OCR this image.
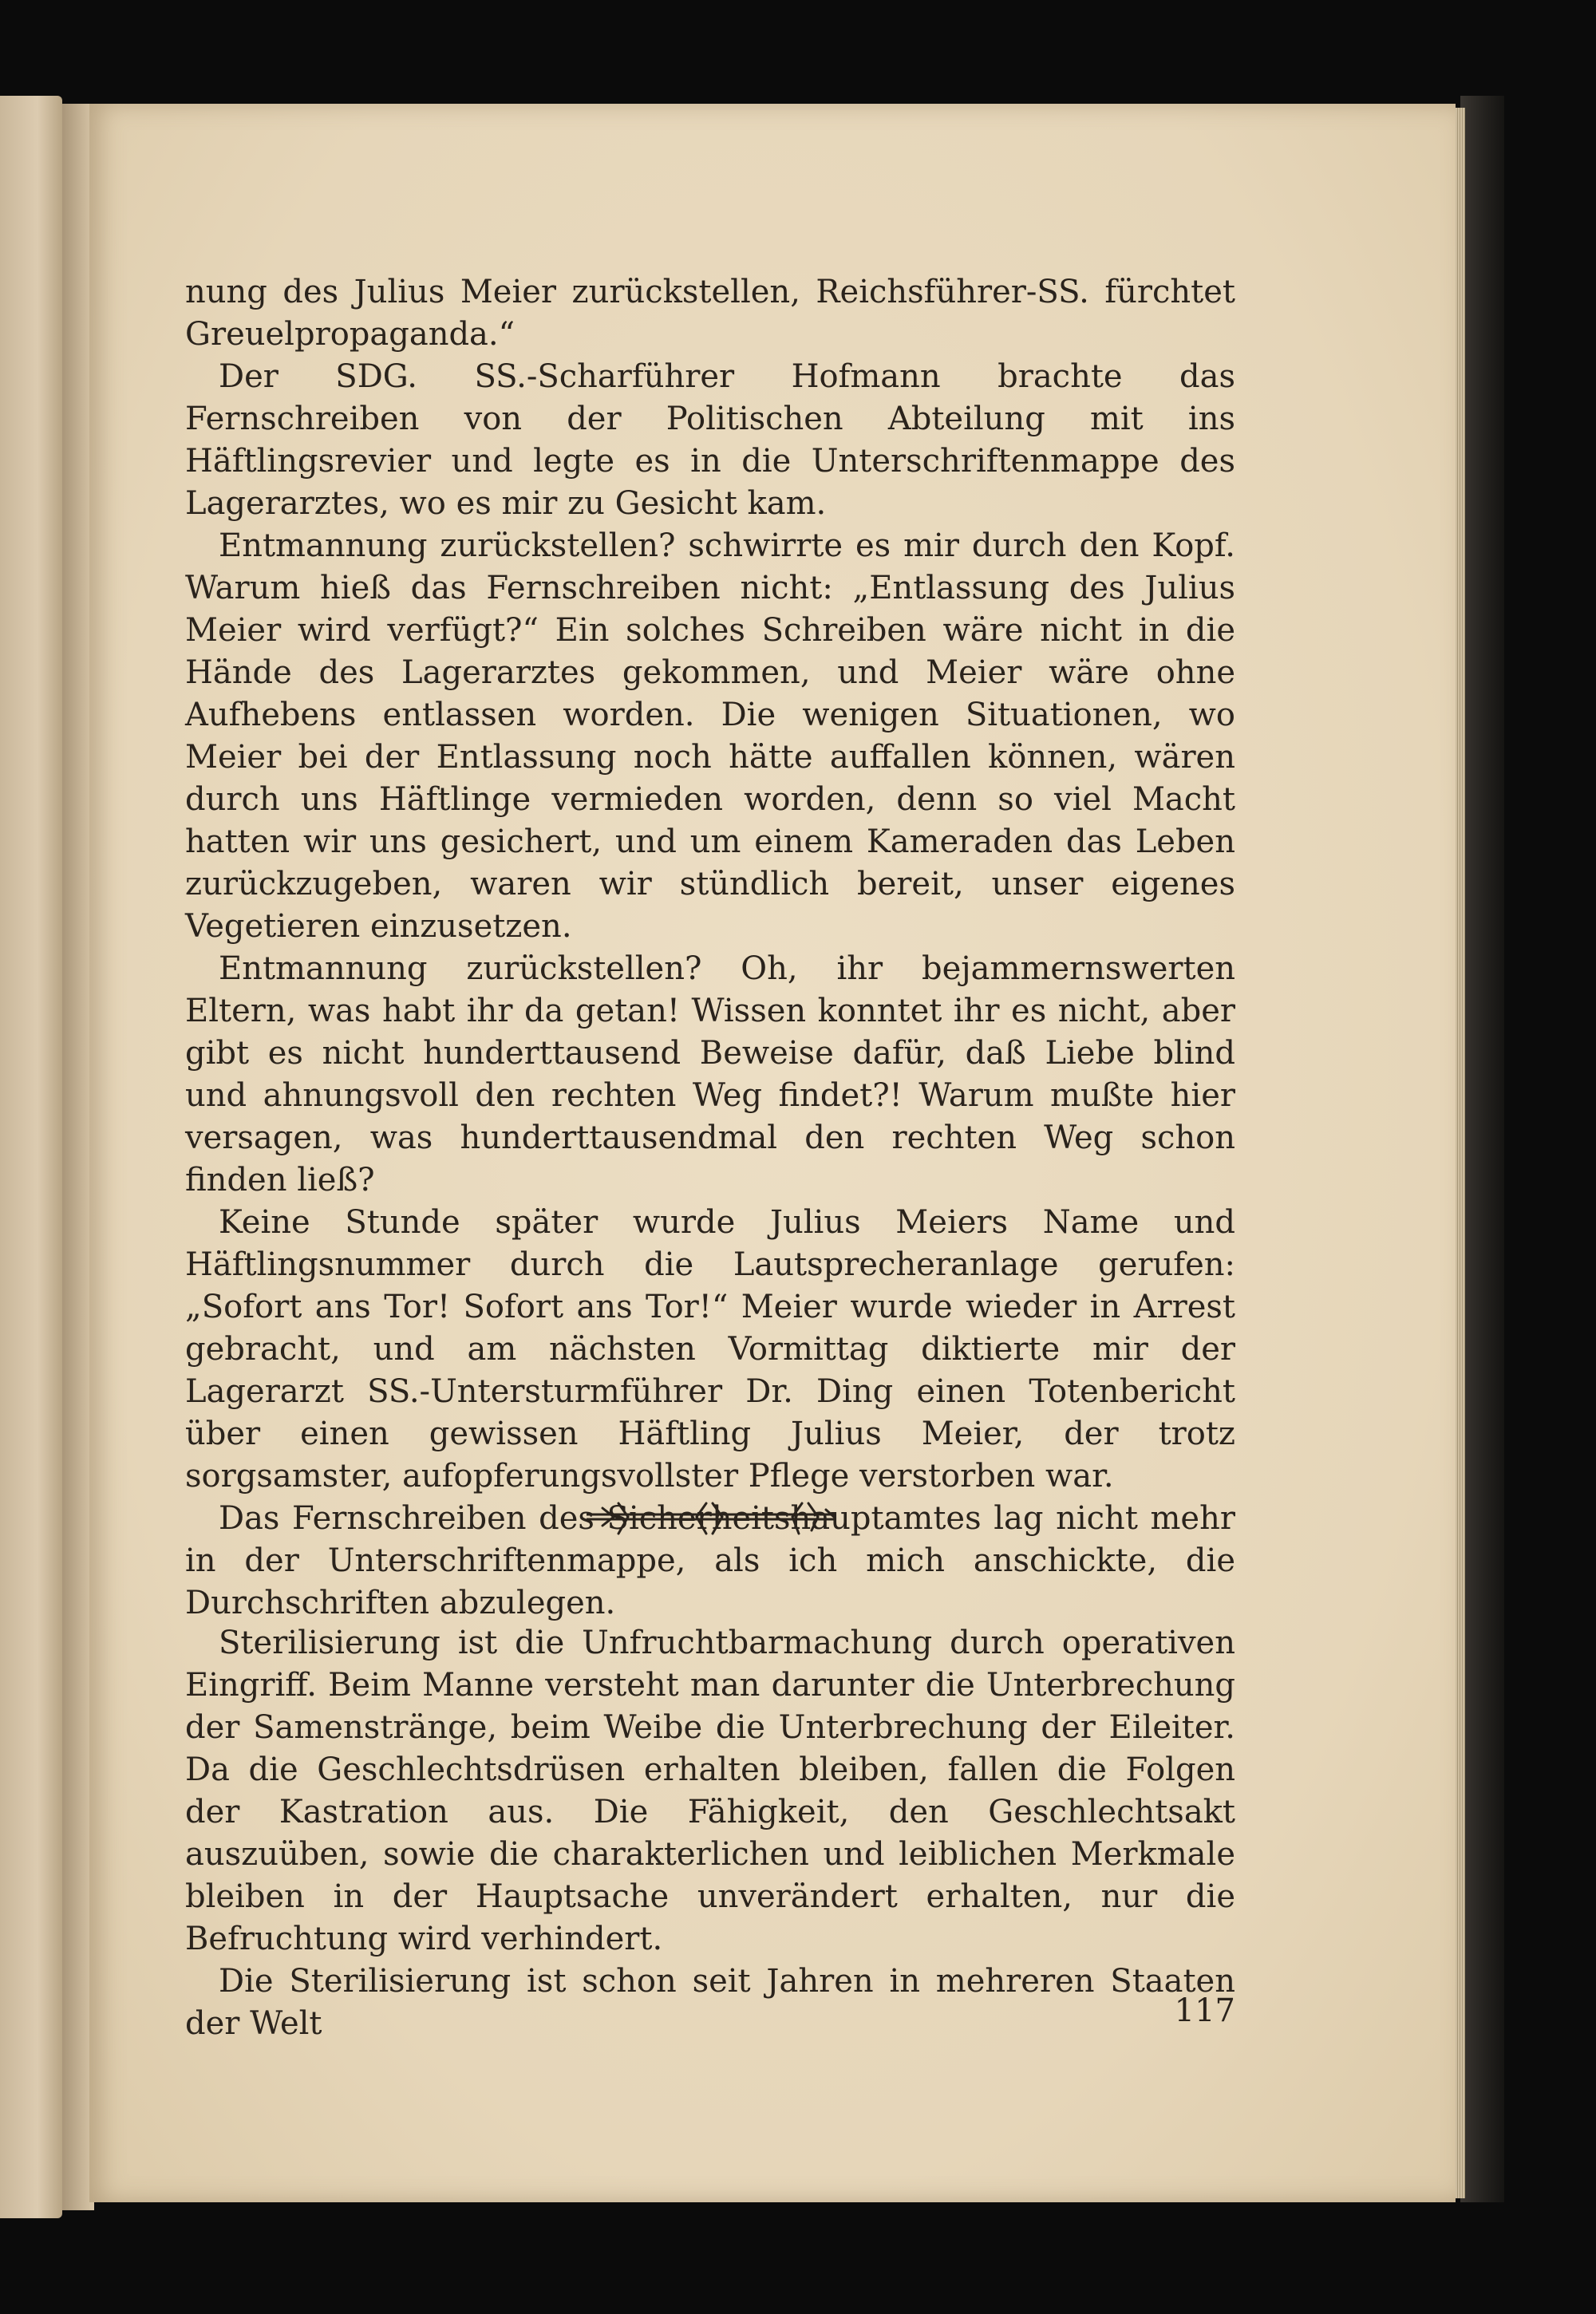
nung des Julius Meier zurückstellen, Reichsführer-SS. fürchtet Greuelpropaganda.“

Der SDG. SS.-Scharführer Hofmann brachte das Fernschreiben von der Politischen Abteilung mit ins Häftlingsrevier und legte es in die Unterschriftenmappe des Lagerarztes, wo es mir zu Gesicht kam.

Entmannung zurückstellen? schwirrte es mir durch den Kopf. Warum hieß das Fernschreiben nicht: „Entlassung des Julius Meier wird verfügt?“ Ein solches Schreiben wäre nicht in die Hände des Lagerarztes gekommen, und Meier wäre ohne Aufhebens entlassen worden. Die wenigen Situationen, wo Meier bei der Entlassung noch hätte auffallen können, wären durch uns Häftlinge vermieden worden, denn so viel Macht hatten wir uns gesichert, und um einem Kameraden das Leben zurückzugeben, waren wir stündlich bereit, unser eigenes Vegetieren einzusetzen.

Entmannung zurückstellen? Oh, ihr bejammernswerten Eltern, was habt ihr da getan! Wissen konntet ihr es nicht, aber gibt es nicht hunderttausend Beweise dafür, daß Liebe blind und ahnungsvoll den rechten Weg findet?! Warum mußte hier versagen, was hunderttausendmal den rechten Weg schon finden ließ?

Keine Stunde später wurde Julius Meiers Name und Häftlingsnummer durch die Lautsprecheranlage gerufen: „Sofort ans Tor! Sofort ans Tor!“ Meier wurde wieder in Arrest gebracht, und am nächsten Vormittag diktierte mir der Lagerarzt SS.-Untersturmführer Dr. Ding einen Totenbericht über einen gewissen Häftling Julius Meier, der trotz sorgsamster, aufopferungsvollster Pflege verstorben war.

Das Fernschreiben des Sicherheitshauptamtes lag nicht mehr in der Unterschriftenmappe, als ich mich anschickte, die Durchschriften abzulegen.

Sterilisierung ist die Unfruchtbarmachung durch operativen Eingriff. Beim Manne versteht man darunter die Unterbrechung der Samenstränge, beim Weibe die Unterbrechung der Eileiter. Da die Geschlechtsdrüsen erhalten bleiben, fallen die Folgen der Kastration aus. Die Fähigkeit, den Geschlechtsakt auszuüben, sowie die charakterlichen und leiblichen Merkmale bleiben in der Hauptsache unverändert erhalten, nur die Befruchtung wird verhindert.

Die Sterilisierung ist schon seit Jahren in mehreren Staaten der Welt	117
